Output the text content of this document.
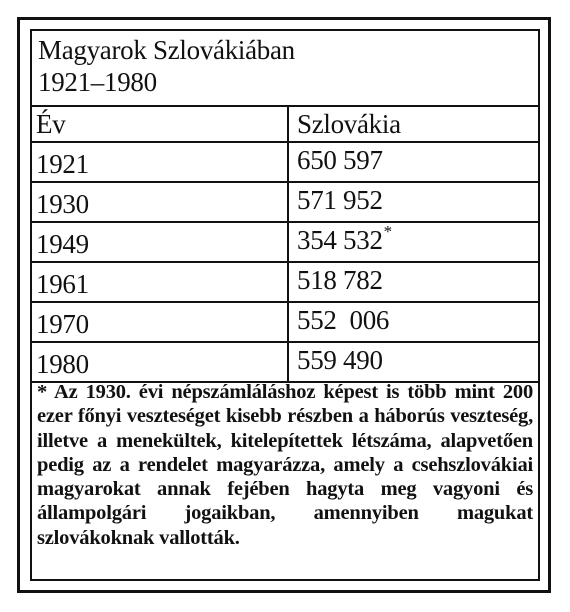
Magyarok Szlovákiában
1921–1980
Év	Szlovákia
1921	650 597
1930	571 952
1949	354 532*
1961	518 782
1970	552  006
1980	559 490
* Az 1930. évi népszámláláshoz képest is több mint 200 ezer főnyi veszteséget kisebb részben a háborús veszteség, illetve a menekültek, kitelepítettek létszáma, alapvetően pedig az a rendelet magyarázza, amely a csehszlovákiai magyarokat annak fejében hagyta meg vagyoni és állampolgári jogaikban, amennyiben magukat szlovákoknak vallották.
